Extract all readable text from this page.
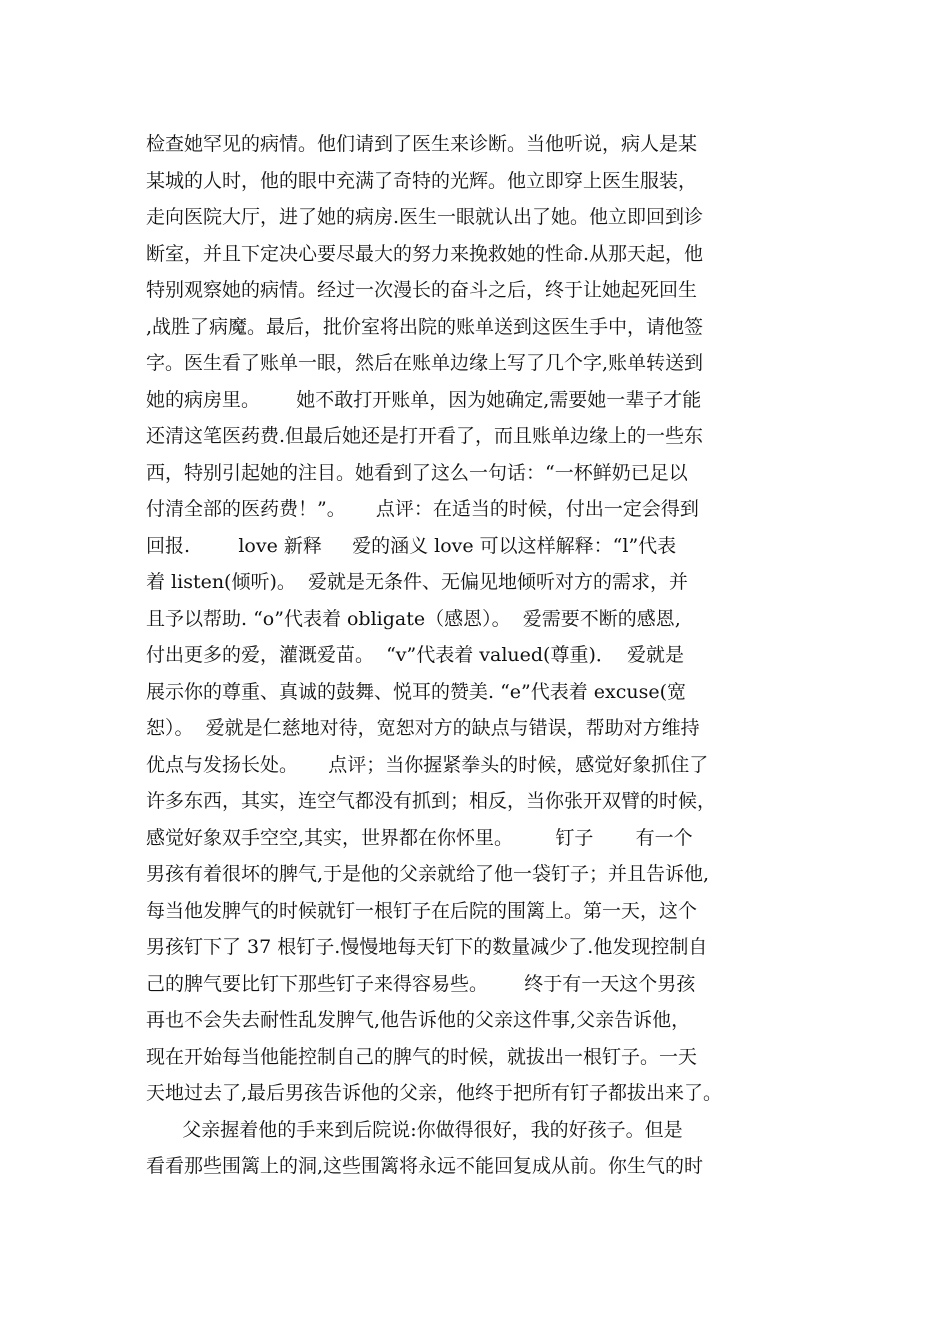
检查她罕见的病情。他们请到了医生来诊断。当他听说，病人是某
某城的人时，他的眼中充满了奇特的光辉。他立即穿上医生服装，
走向医院大厅，进了她的病房.医生一眼就认出了她。他立即回到诊
断室，并且下定决心要尽最大的努力来挽救她的性命.从那天起，他
特别观察她的病情。经过一次漫长的奋斗之后，终于让她起死回生
,战胜了病魔。最后，批价室将出院的账单送到这医生手中，请他签
字。医生看了账单一眼，然后在账单边缘上写了几个字,账单转送到
她的病房里。      她不敢打开账单，因为她确定,需要她一辈子才能
还清这笔医药费.但最后她还是打开看了，而且账单边缘上的一些东
西，特别引起她的注目。她看到了这么一句话：“一杯鲜奶已足以
付清全部的医药费！”。     点评：在适当的时候，付出一定会得到
回报.        love 新释     爱的涵义 love 可以这样解释：“l”代表
着 listen(倾听)。  爱就是无条件、无偏见地倾听对方的需求，并
且予以帮助. “o”代表着 obligate（感恩）。  爱需要不断的感恩,
付出更多的爱，灌溉爱苗。  “v”代表着 valued(尊重)．  爱就是
展示你的尊重、真诚的鼓舞、悦耳的赞美. “e”代表着 excuse(宽
恕）。  爱就是仁慈地对待，宽恕对方的缺点与错误，帮助对方维持
优点与发扬长处。     点评；当你握紧拳头的时候，感觉好象抓住了
许多东西，其实，连空气都没有抓到；相反，当你张开双臂的时候，
感觉好象双手空空,其实，世界都在你怀里。       钉子       有一个
男孩有着很坏的脾气,于是他的父亲就给了他一袋钉子；并且告诉他,
每当他发脾气的时候就钉一根钉子在后院的围篱上。第一天，这个
男孩钉下了 37 根钉子.慢慢地每天钉下的数量减少了.他发现控制自
己的脾气要比钉下那些钉子来得容易些。      终于有一天这个男孩
再也不会失去耐性乱发脾气,他告诉他的父亲这件事,父亲告诉他，
现在开始每当他能控制自己的脾气的时候，就拔出一根钉子。一天
天地过去了,最后男孩告诉他的父亲，他终于把所有钉子都拔出来了。
父亲握着他的手来到后院说:你做得很好，我的好孩子。但是
看看那些围篱上的洞,这些围篱将永远不能回复成从前。你生气的时
